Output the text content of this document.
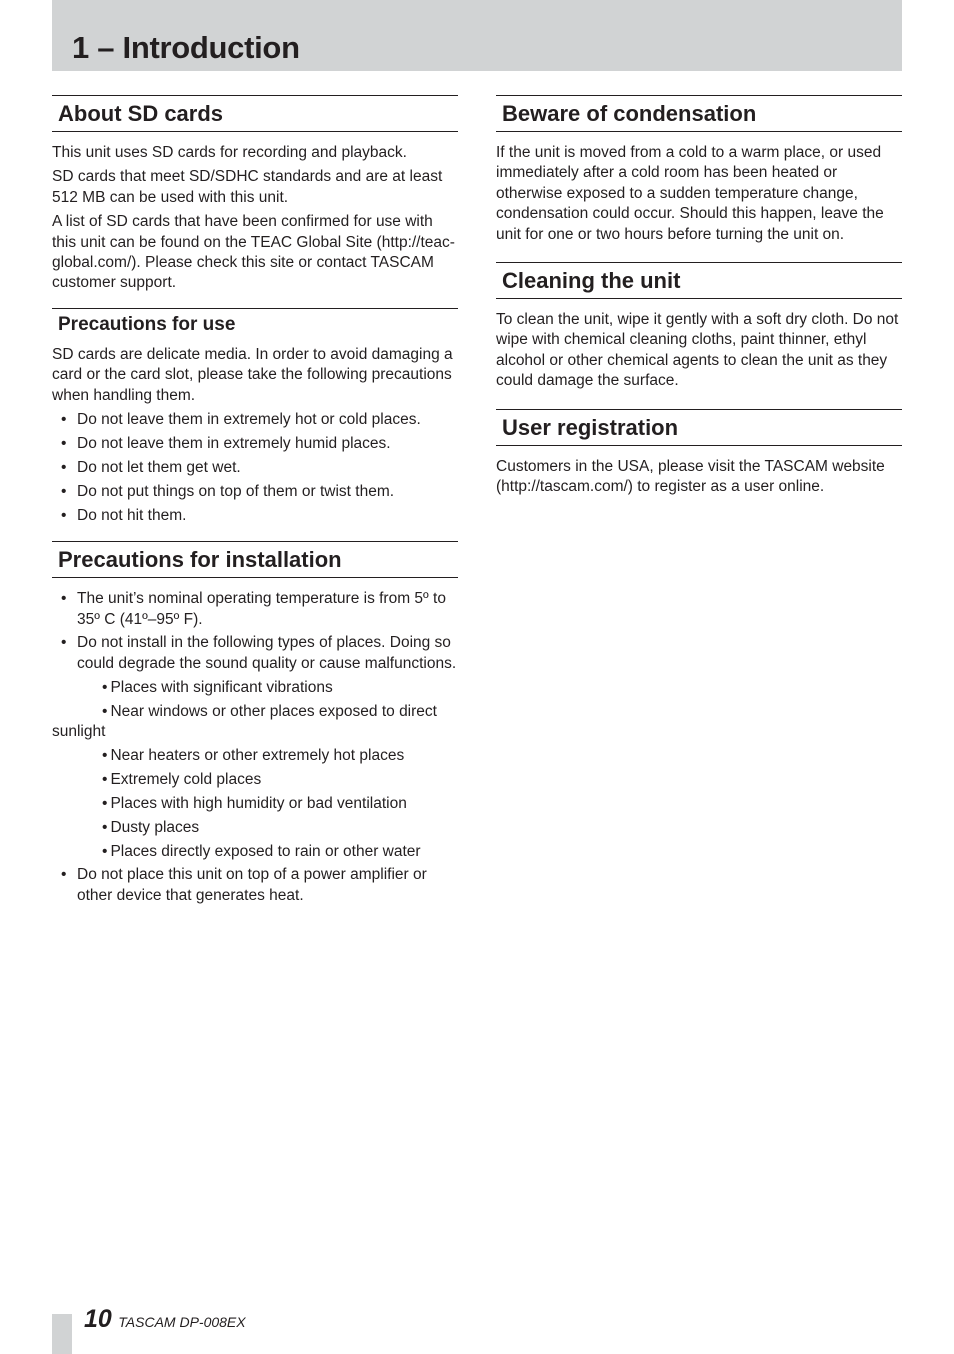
1 – Introduction
About SD cards

This unit uses SD cards for recording and playback.

SD cards that meet SD/SDHC standards and are at least 512 MB can be used with this unit.

A list of SD cards that have been confirmed for use with this unit can be found on the TEAC Global Site (http://teac-global.com/). Please check this site or contact TASCAM customer support.

Precautions for use

SD cards are delicate media. In order to avoid damaging a card or the card slot, please take the following precautions when handling them.

• Do not leave them in extremely hot or cold places.
• Do not leave them in extremely humid places.
• Do not let them get wet.
• Do not put things on top of them or twist them.
• Do not hit them.
Precautions for installation
• The unit’s nominal operating temperature is from 5º to 35º C (41º–95º F).
• Do not install in the following types of places. Doing so could degrade the sound quality or cause malfunctions.
• Places with significant vibrations
• Near windows or other places exposed to direct sunlight
• Near heaters or other extremely hot places
• Extremely cold places
• Places with high humidity or bad ventilation
• Dusty places
• Places directly exposed to rain or other water
• Do not place this unit on top of a power amplifier or other device that generates heat.
Beware of condensation

If the unit is moved from a cold to a warm place, or used immediately after a cold room has been heated or otherwise exposed to a sudden temperature change, condensation could occur. Should this happen, leave the unit for one or two hours before turning the unit on.

Cleaning the unit

To clean the unit, wipe it gently with a soft dry cloth. Do not wipe with chemical cleaning cloths, paint thinner, ethyl alcohol or other chemical agents to clean the unit as they could damage the surface.

User registration

Customers in the USA, please visit the TASCAM website (http://tascam.com/) to register as a user online.

10 TASCAM DP-008EX
